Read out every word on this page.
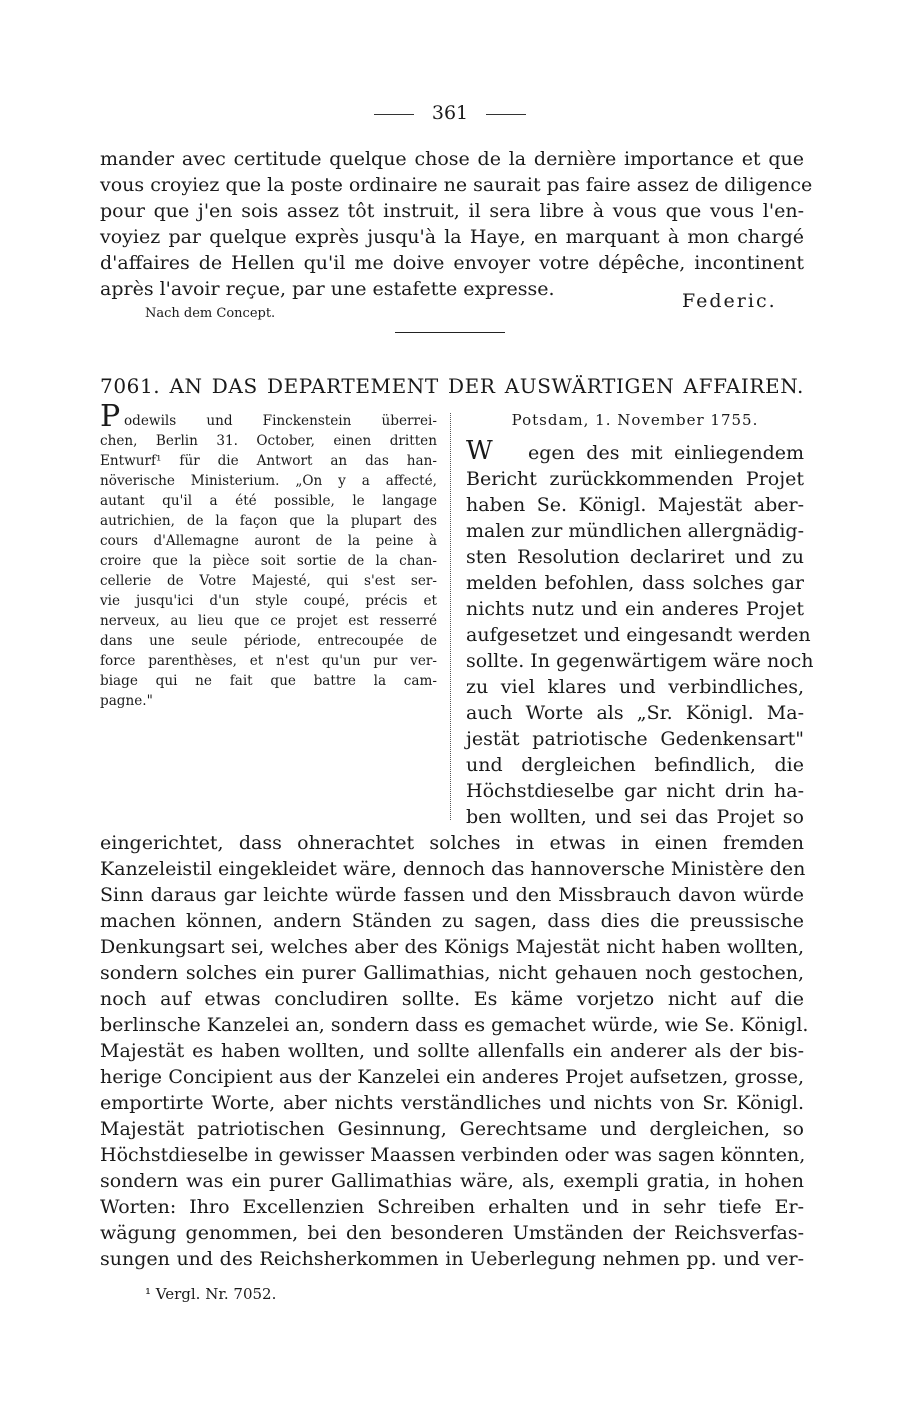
361
mander avec certitude quelque chose de la dernière importance et que
vous croyiez que la poste ordinaire ne saurait pas faire assez de diligence
pour que j'en sois assez tôt instruit, il sera libre à vous que vous l'en-
voyiez par quelque exprès jusqu'à la Haye, en marquant à mon chargé
d'affaires de Hellen qu'il me doive envoyer votre dépêche, incontinent
après l'avoir reçue, par une estafette expresse.
Federic.
Nach dem Concept.
7061. AN DAS DEPARTEMENT DER AUSWÄRTIGEN AFFAIREN.
P odewils und Finckenstein überrei-
chen, Berlin 31. October, einen dritten
Entwurf¹ für die Antwort an das han-
növerische Ministerium. „On y a affecté,
autant qu'il a été possible, le langage
autrichien, de la façon que la plupart des
cours d'Allemagne auront de la peine à
croire que la pièce soit sortie de la chan-
cellerie de Votre Majesté, qui s'est ser-
vie jusqu'ici d'un style coupé, précis et
nerveux, au lieu que ce projet est resserré
dans une seule période, entrecoupée de
force parenthèses, et n'est qu'un pur ver-
biage qui ne fait que battre la cam-
pagne."
Potsdam, 1. November 1755.
W egen des mit einliegendem
Bericht zurückkommenden Projet
haben Se. Königl. Majestät aber-
malen zur mündlichen allergnädig-
sten Resolution declariret und zu
melden befohlen, dass solches gar
nichts nutz und ein anderes Projet
aufgesetzet und eingesandt werden
sollte. In gegenwärtigem wäre noch
zu viel klares und verbindliches,
auch Worte als „Sr. Königl. Ma-
jestät patriotische Gedenkensart"
und dergleichen befindlich, die
Höchstdieselbe gar nicht drin ha-
ben wollten, und sei das Projet so
eingerichtet, dass ohnerachtet solches in etwas in einen fremden
Kanzeleistil eingekleidet wäre, dennoch das hannoversche Ministère den
Sinn daraus gar leichte würde fassen und den Missbrauch davon würde
machen können, andern Ständen zu sagen, dass dies die preussische
Denkungsart sei, welches aber des Königs Majestät nicht haben wollten,
sondern solches ein purer Gallimathias, nicht gehauen noch gestochen,
noch auf etwas concludiren sollte. Es käme vorjetzo nicht auf die
berlinsche Kanzelei an, sondern dass es gemachet würde, wie Se. Königl.
Majestät es haben wollten, und sollte allenfalls ein anderer als der bis-
herige Concipient aus der Kanzelei ein anderes Projet aufsetzen, grosse,
emportirte Worte, aber nichts verständliches und nichts von Sr. Königl.
Majestät patriotischen Gesinnung, Gerechtsame und dergleichen, so
Höchstdieselbe in gewisser Maassen verbinden oder was sagen könnten,
sondern was ein purer Gallimathias wäre, als, exempli gratia, in hohen
Worten: Ihro Excellenzien Schreiben erhalten und in sehr tiefe Er-
wägung genommen, bei den besonderen Umständen der Reichsverfas-
sungen und des Reichsherkommen in Ueberlegung nehmen pp. und ver-
¹ Vergl. Nr. 7052.
